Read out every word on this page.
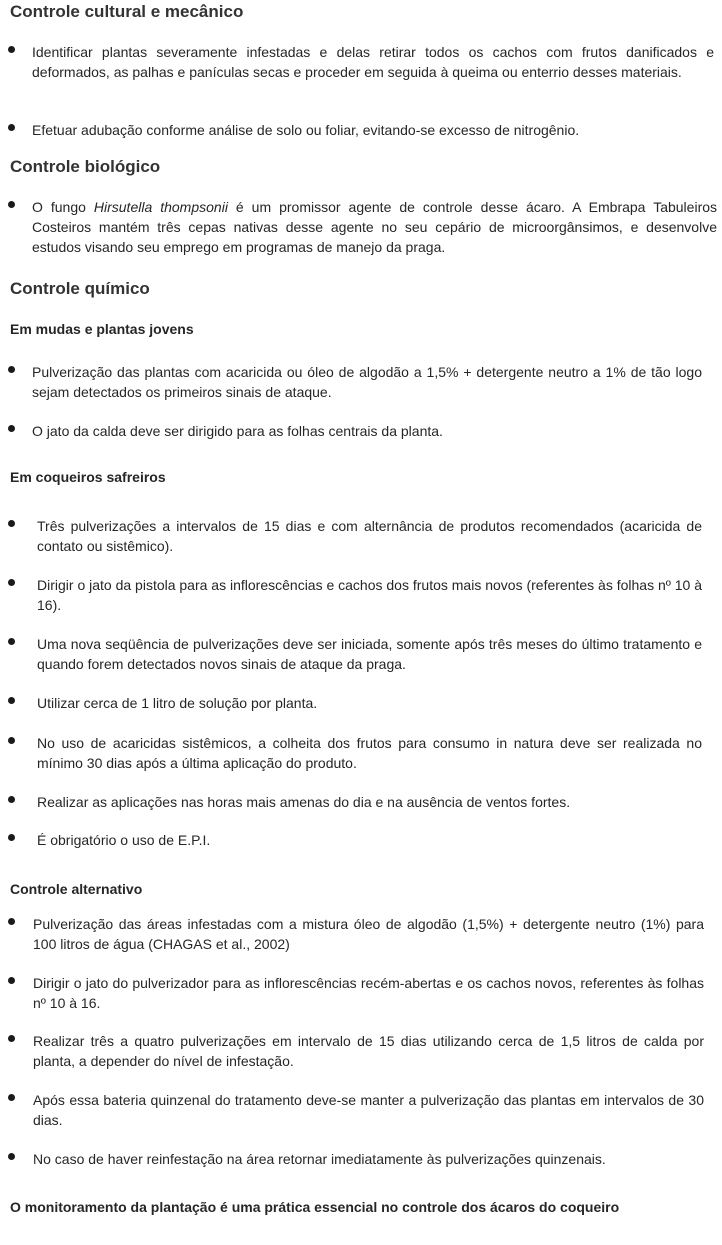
Controle cultural e mecânico
Identificar plantas severamente infestadas e delas retirar todos os cachos com frutos danificados e deformados, as palhas e panículas secas e proceder em seguida à queima ou enterrio desses materiais.
Efetuar adubação conforme análise de solo ou foliar, evitando-se excesso de nitrogênio.
Controle biológico
O fungo Hirsutella thompsonii é um promissor agente de controle desse ácaro. A Embrapa Tabuleiros Costeiros mantém três cepas nativas desse agente no seu cepário de microorgânsimos, e desenvolve estudos visando seu emprego em programas de manejo da praga.
Controle químico
Em mudas e plantas jovens
Pulverização das plantas com acaricida ou óleo de algodão a 1,5% + detergente neutro a 1% de tão logo sejam detectados os primeiros sinais de ataque.
O jato da calda deve ser dirigido para as folhas centrais da planta.
Em coqueiros safreiros
Três pulverizações a intervalos de 15 dias e com alternância de produtos recomendados (acaricida de contato ou sistêmico).
Dirigir o jato da pistola para as inflorescências e cachos dos frutos mais novos (referentes às folhas nº 10 à 16).
Uma nova seqüência de pulverizações deve ser iniciada, somente após três meses do último tratamento e quando forem detectados novos sinais de ataque da praga.
Utilizar cerca de 1 litro de solução por planta.
No uso de acaricidas sistêmicos, a colheita dos frutos para consumo in natura deve ser realizada no mínimo 30 dias após a última aplicação do produto.
Realizar as aplicações nas horas mais amenas do dia e na ausência de ventos fortes.
É obrigatório o uso de E.P.I.
Controle alternativo
Pulverização das áreas infestadas com a mistura óleo de algodão (1,5%) + detergente neutro (1%) para 100 litros de água (CHAGAS et al., 2002)
Dirigir o jato do pulverizador para as inflorescências recém-abertas e os cachos novos, referentes às folhas nº 10 à 16.
Realizar três a quatro pulverizações em intervalo de 15 dias utilizando cerca de 1,5 litros de calda por planta, a depender do nível de infestação.
Após essa bateria quinzenal do tratamento deve-se manter a pulverização das plantas em intervalos de 30 dias.
No caso de haver reinfestação na área retornar imediatamente às pulverizações quinzenais.
O monitoramento da plantação é uma prática essencial no controle dos ácaros do coqueiro
